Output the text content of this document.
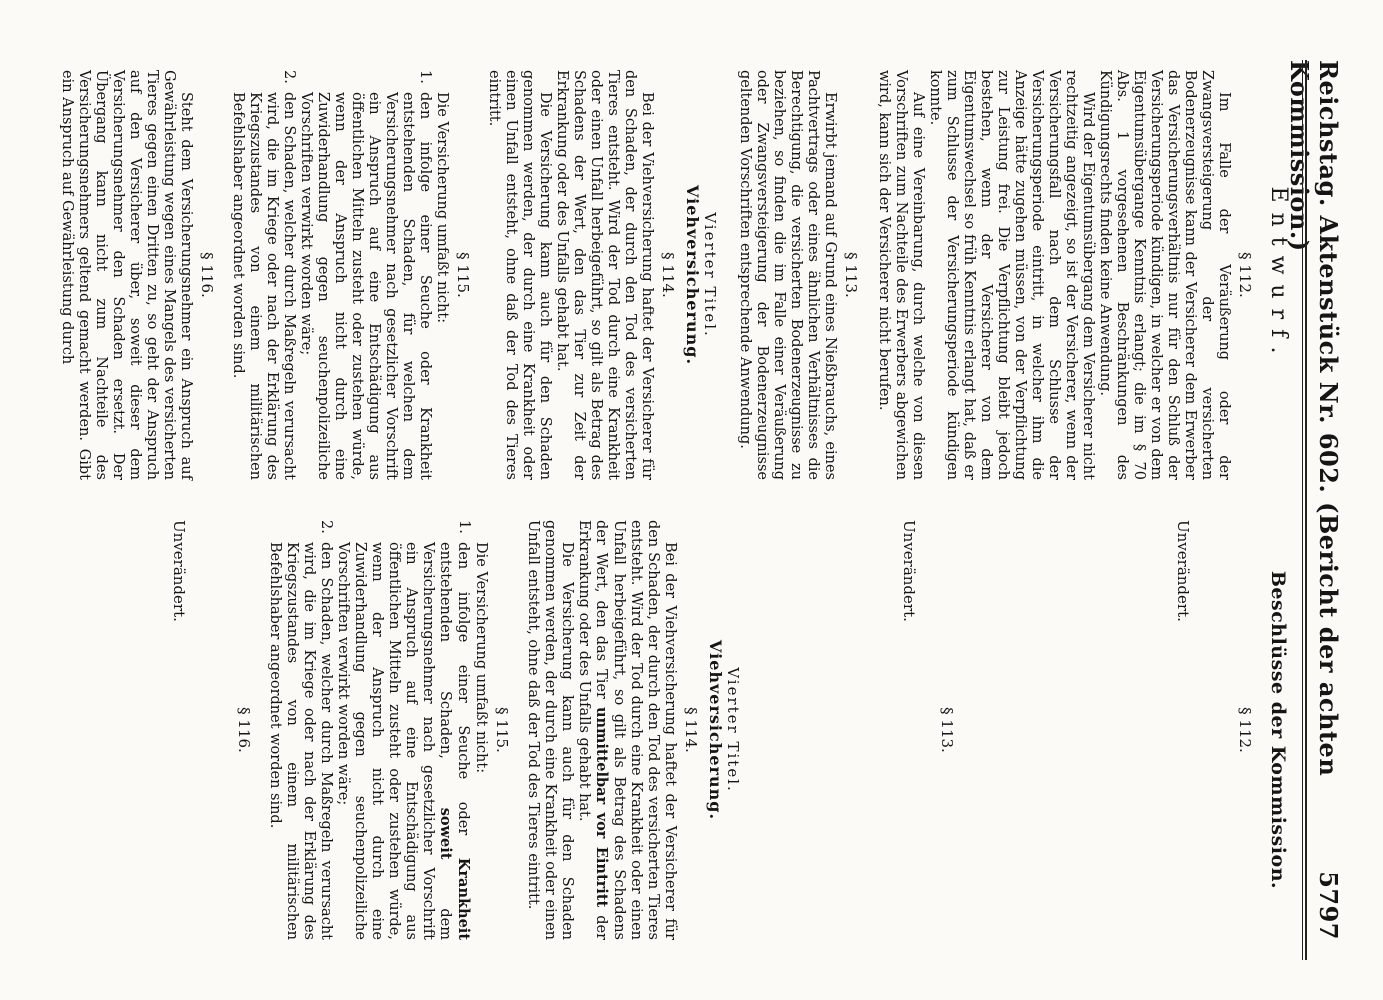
Reichstag. Aktenstück Nr. 602. (Bericht der achten Kommission.)
5797
Entwurf.
Beschlüsse der Kommission.
§ 112.

Im Falle der Veräußerung oder der Zwangsversteigerung der versicherten Bodenerzeugnisse kann der Versicherer dem Erwerber das Versicherungsverhältnis nur für den Schluß der Versicherungsperiode kündigen, in welcher er von dem Eigentumsübergange Kenntnis erlangt; die im § 70 Abs. 1 vorgesehenen Beschränkungen des Kündigungsrechts finden keine Anwendung.

Wird der Eigentumsübergang dem Versicherer nicht rechtzeitig angezeigt, so ist der Versicherer, wenn der Versicherungsfall nach dem Schlusse der Versicherungsperiode eintritt, in welcher ihm die Anzeige hätte zugehen müssen, von der Verpflichtung zur Leistung frei. Die Verpflichtung bleibt jedoch bestehen, wenn der Versicherer von dem Eigentumswechsel so früh Kenntnis erlangt hat, daß er zum Schlusse der Versicherungsperiode kündigen konnte.

Auf eine Vereinbarung, durch welche von diesen Vorschriften zum Nachteile des Erwerbers abgewichen wird, kann sich der Versicherer nicht berufen.

§ 113.

Erwirbt jemand auf Grund eines Nießbrauchs, eines Pachtvertrags oder eines ähnlichen Verhältnisses die Berechtigung, die versicherten Bodenerzeugnisse zu beziehen, so finden die im Falle einer Veräußerung oder Zwangsversteigerung der Bodenerzeugnisse geltenden Vorschriften entsprechende Anwendung.

Vierter Titel.
Viehversicherung.
§ 114.

Bei der Viehversicherung haftet der Versicherer für den Schaden, der durch den Tod des versicherten Tieres entsteht. Wird der Tod durch eine Krankheit oder einen Unfall herbeigeführt, so gilt als Betrag des Schadens der Wert, den das Tier zur Zeit der Erkrankung oder des Unfalls gehabt hat.

Die Versicherung kann auch für den Schaden genommen werden, der durch eine Krankheit oder einen Unfall entsteht, ohne daß der Tod des Tieres eintritt.

§ 115.

Die Versicherung umfaßt nicht:

1.
den infolge einer Seuche oder Krankheit entstehenden Schaden, für welchen dem Versicherungsnehmer nach gesetzlicher Vorschrift ein Anspruch auf eine Entschädigung aus öffentlichen Mitteln zusteht oder zustehen würde, wenn der Anspruch nicht durch eine Zuwiderhandlung gegen seuchenpolizeiliche Vorschriften verwirkt worden wäre;
2.
den Schaden, welcher durch Maßregeln verursacht wird, die im Kriege oder nach der Erklärung des Kriegszustandes von einem militärischen Befehlshaber angeordnet worden sind.
§ 116.

Steht dem Versicherungsnehmer ein Anspruch auf Gewährleistung wegen eines Mangels des versicherten Tieres gegen einen Dritten zu, so geht der Anspruch auf den Versicherer über, soweit dieser dem Versicherungsnehmer den Schaden ersetzt. Der Übergang kann nicht zum Nachteile des Versicherungsnehmers geltend gemacht werden. Gibt ein Anspruch auf Gewährleistung durch

§ 112.
Unverändert.
§ 113.
Unverändert.
Vierter Titel.
Viehversicherung.
§ 114.

Bei der Viehversicherung haftet der Versicherer für den Schaden, der durch den Tod des versicherten Tieres entsteht. Wird der Tod durch eine Krankheit oder einen Unfall herbeigeführt, so gilt als Betrag des Schadens der Wert, den das Tier unmittelbar vor Eintritt der Erkrankung oder des Unfalls gehabt hat.

Die Versicherung kann auch für den Schaden genommen werden, der durch eine Krankheit oder einen Unfall entsteht, ohne daß der Tod des Tieres eintritt.

§ 115.

Die Versicherung umfaßt nicht:

1.
den infolge einer Seuche oder Krankheit entstehenden Schaden, soweit dem Versicherungsnehmer nach gesetzlicher Vorschrift ein Anspruch auf eine Entschädigung aus öffentlichen Mitteln zusteht oder zustehen würde, wenn der Anspruch nicht durch eine Zuwiderhandlung gegen seuchenpolizeiliche Vorschriften verwirkt worden wäre;
2.
den Schaden, welcher durch Maßregeln verursacht wird, die im Kriege oder nach der Erklärung des Kriegszustandes von einem militärischen Befehlshaber angeordnet worden sind.
§ 116.
Unverändert.
